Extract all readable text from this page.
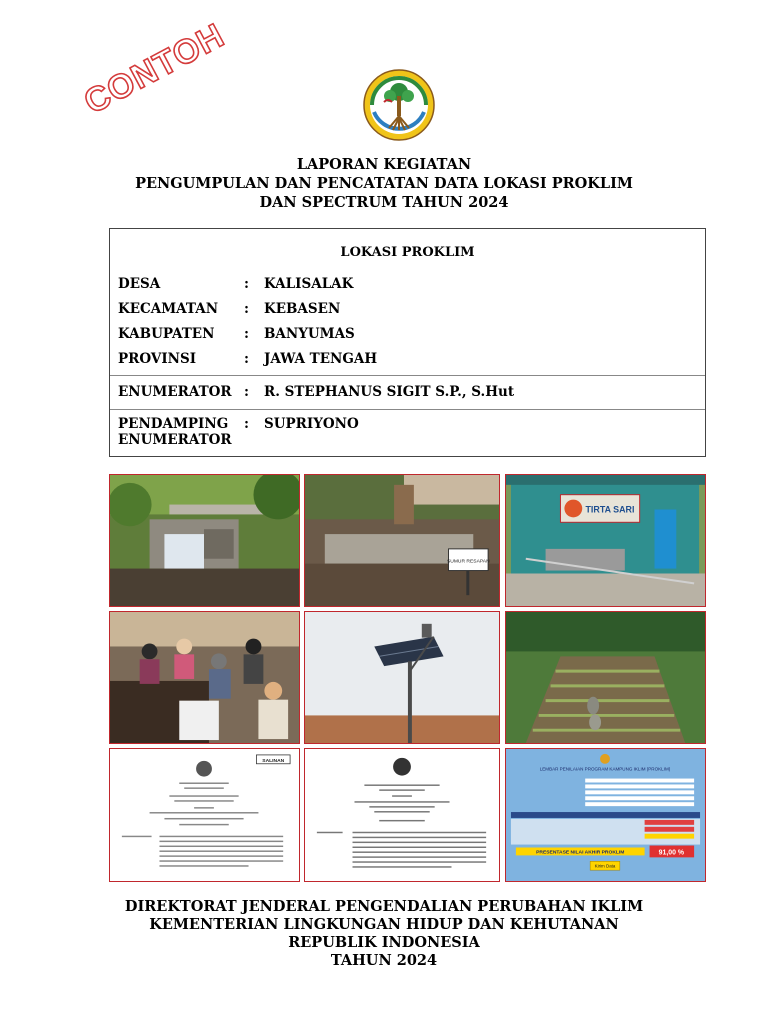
CONTOH
LAPORAN KEGIATAN
PENGUMPULAN DAN PENCATATAN DATA LOKASI PROKLIM
DAN SPECTRUM TAHUN 2024
LOKASI PROKLIM
DESA	: KALISALAK
KECAMATAN	: KEBASEN
KABUPATEN	: BANYUMAS
PROVINSI	: JAWA TENGAH
ENUMERATOR : R. STEPHANUS SIGIT S.P., S.Hut
PENDAMPING
ENUMERATOR
: SUPRIYONO
SUMUR RESAPAN
TIRTA SARI
SALINAN
LEMBAR PENILAIAN PROGRAM KAMPUNG IKLIM (PROKLIM)
PRESENTASE NILAI AKHIR PROKLIM	91,00 %
Kirim Data
DIREKTORAT JENDERAL PENGENDALIAN PERUBAHAN IKLIM
KEMENTERIAN LINGKUNGAN HIDUP DAN KEHUTANAN
REPUBLIK INDONESIA
TAHUN 2024
